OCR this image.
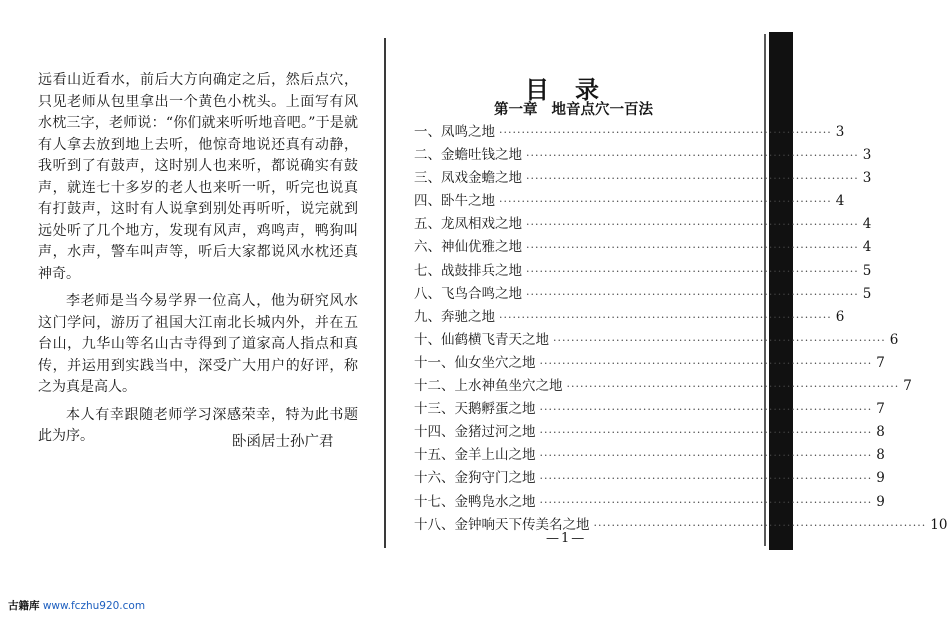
远看山近看水，前后大方向确定之后，然后点穴，只见老师从包里拿出一个黄色小枕头。上面写有风水枕三字，老师说：“你们就来听听地音吧。”于是就有人拿去放到地上去听，他惊奇地说还真有动静，我听到了有鼓声，这时别人也来听，都说确实有鼓声，就连七十多岁的老人也来听一听，听完也说真有打鼓声，这时有人说拿到别处再听听，说完就到远处听了几个地方，发现有风声，鸡鸣声，鸭狗叫声，水声，警车叫声等，听后大家都说风水枕还真神奇。

李老师是当今易学界一位高人，他为研究风水这门学问，游历了祖国大江南北长城内外，并在五台山，九华山等名山古寺得到了道家高人指点和真传，并运用到实践当中，深受广大用户的好评，称之为真是高人。

本人有幸跟随老师学习深感荣幸，特为此书题此为序。	卧函居士孙广君
目录
第一章 地音点穴一百法
一、凤鸣之地 ·········································································· 3
二、金蟾吐钱之地 ·········································································· 3
三、凤戏金蟾之地 ·········································································· 3
四、卧牛之地 ·········································································· 4
五、龙凤相戏之地 ·········································································· 4
六、神仙优雅之地 ·········································································· 4
七、战鼓排兵之地 ·········································································· 5
八、飞鸟合鸣之地 ·········································································· 5
九、奔驰之地 ·········································································· 6
十、仙鹤横飞青天之地 ·········································································· 6
十一、仙女坐穴之地 ·········································································· 7
十二、上水神鱼坐穴之地 ·········································································· 7
十三、天鹅孵蛋之地 ·········································································· 7
十四、金猪过河之地 ·········································································· 8
十五、金羊上山之地 ·········································································· 8
十六、金狗守门之地 ·········································································· 9
十七、金鸭凫水之地 ·········································································· 9
十八、金钟响天下传美名之地 ·········································································· 10
—1—
古籍库 www.fczhu920.com
